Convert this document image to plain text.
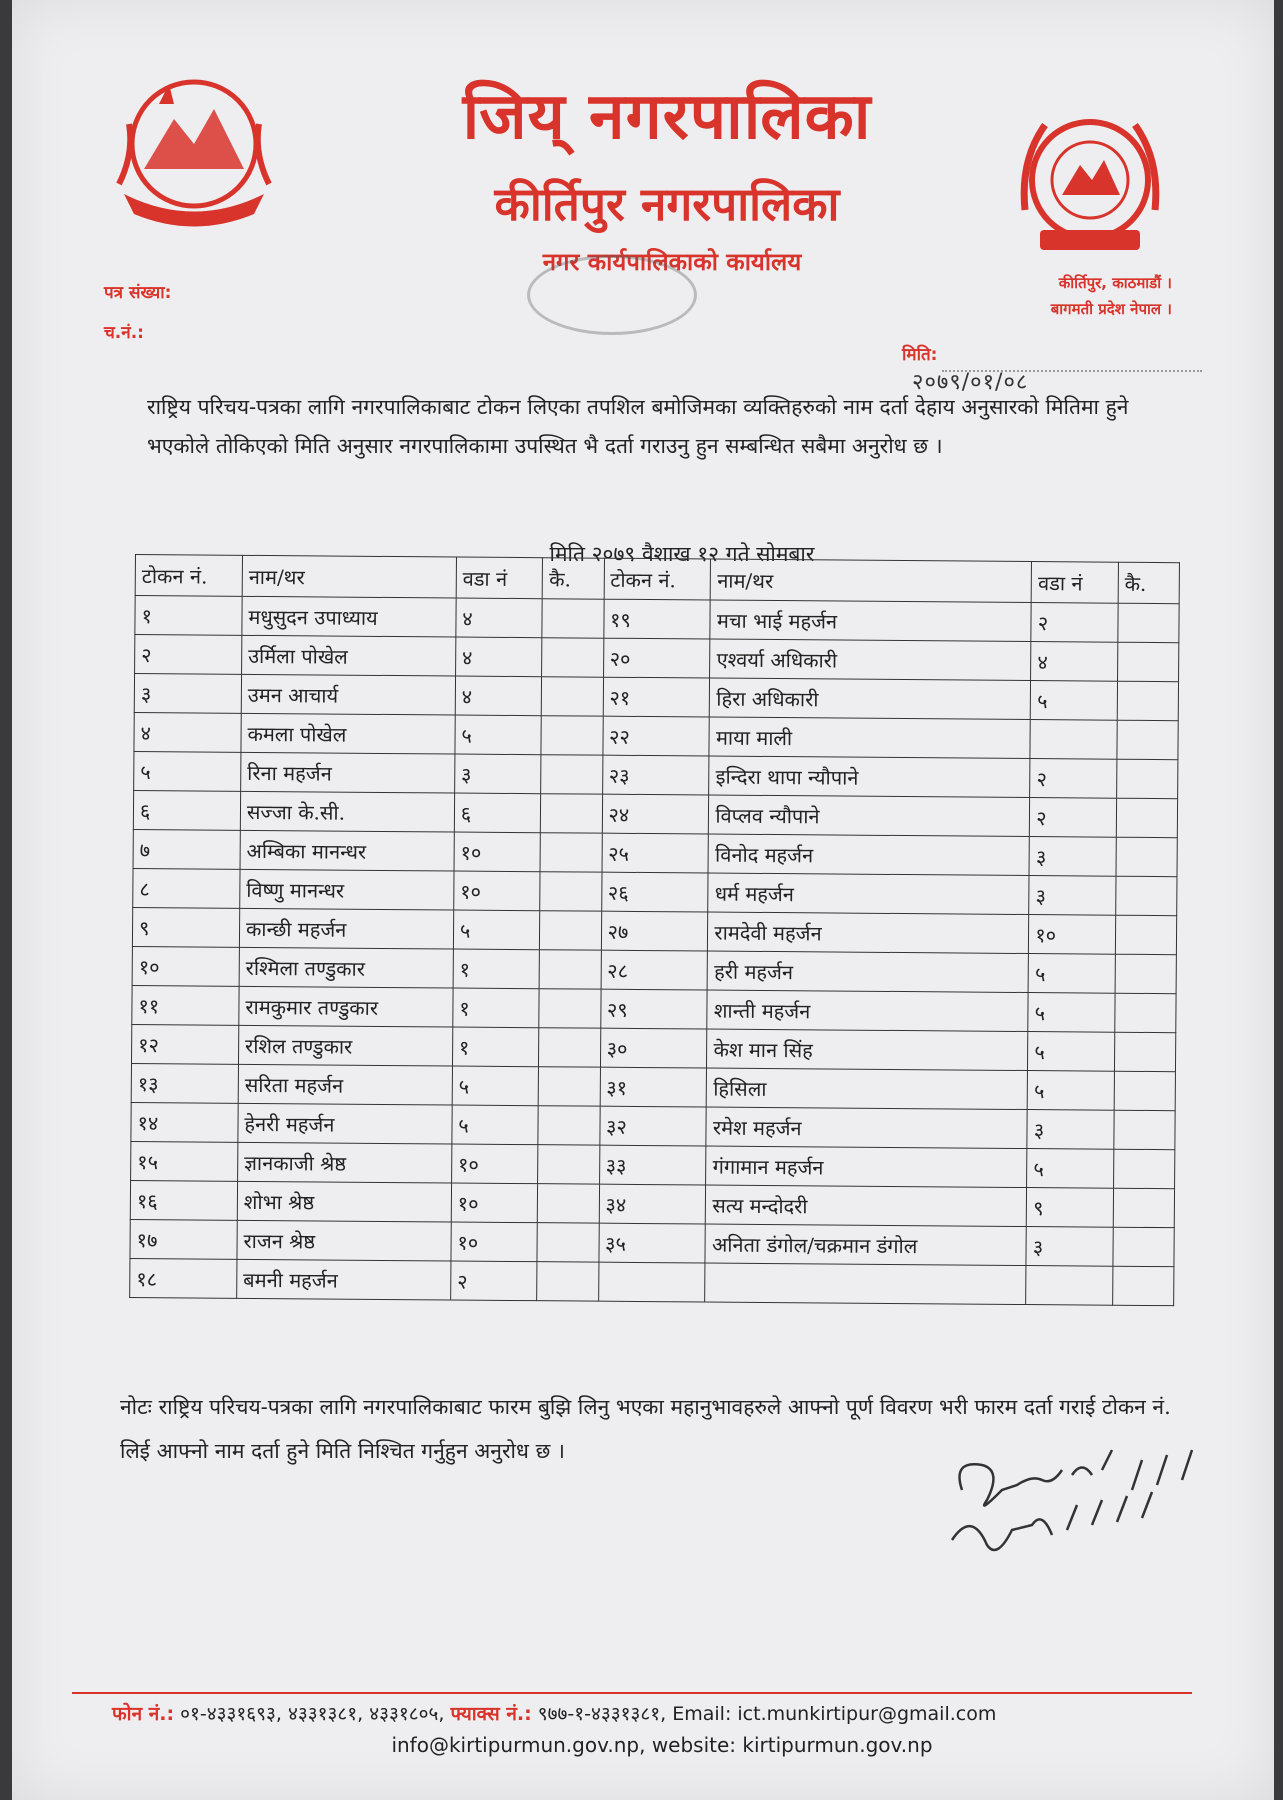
जिय् नगरपालिका
कीर्तिपुर नगरपालिका
नगर कार्यपालिकाको कार्यालय
पत्र संख्या:
च.नं.:
कीर्तिपुर, काठमाडौं ।
बागमती प्रदेश नेपाल ।
मिति:
२०७९/०१/०८
राष्ट्रिय परिचय-पत्रका लागि नगरपालिकाबाट टोकन लिएका तपशिल बमोजिमका व्यक्तिहरुको नाम दर्ता देहाय अनुसारको मितिमा हुने भएकोले तोकिएको मिति अनुसार नगरपालिकामा उपस्थित भै दर्ता गराउनु हुन सम्बन्धित सबैमा अनुरोध छ ।
मिति २०७९ वैशाख १२ गते सोमबार
टोकन नं.	नाम/थर	वडा नं	कै.	टोकन नं.	नाम/थर	वडा नं	कै.
१	मधुसुदन उपाध्याय	४		१९	मचा भाई महर्जन	२	
२	उर्मिला पोखेल	४		२०	एश्वर्या अधिकारी	४	
३	उमन आचार्य	४		२१	हिरा अधिकारी	५	
४	कमला पोखेल	५		२२	माया माली		
५	रिना महर्जन	३		२३	इन्दिरा थापा न्यौपाने	२	
६	सज्जा के.सी.	६		२४	विप्लव न्यौपाने	२	
७	अम्बिका मानन्धर	१०		२५	विनोद महर्जन	३	
८	विष्णु मानन्धर	१०		२६	धर्म महर्जन	३	
९	कान्छी महर्जन	५		२७	रामदेवी महर्जन	१०	
१०	रश्मिला तण्डुकार	१		२८	हरी महर्जन	५	
११	रामकुमार तण्डुकार	१		२९	शान्ती महर्जन	५	
१२	रशिल तण्डुकार	१		३०	केश मान सिंह	५	
१३	सरिता महर्जन	५		३१	हिसिला	५	
१४	हेनरी महर्जन	५		३२	रमेश महर्जन	३	
१५	ज्ञानकाजी श्रेष्ठ	१०		३३	गंगामान महर्जन	५	
१६	शोभा श्रेष्ठ	१०		३४	सत्य मन्दोदरी	९	
१७	राजन श्रेष्ठ	१०		३५	अनिता डंगोल/चक्रमान डंगोल	३	
१८	बमनी महर्जन	२					
नोटः राष्ट्रिय परिचय-पत्रका लागि नगरपालिकाबाट फारम बुझि लिनु भएका महानुभावहरुले आफ्नो पूर्ण विवरण भरी फारम दर्ता गराई टोकन नं. लिई आफ्नो नाम दर्ता हुने मिति निश्चित गर्नुहुन अनुरोध छ ।
फोन नं.: ०१-४३३१६९३, ४३३१३८१, ४३३१८०५, फ्याक्स नं.: ९७७-१-४३३१३८१, Email: ict.munkirtipur@gmail.com
info@kirtipurmun.gov.np, website: kirtipurmun.gov.np
